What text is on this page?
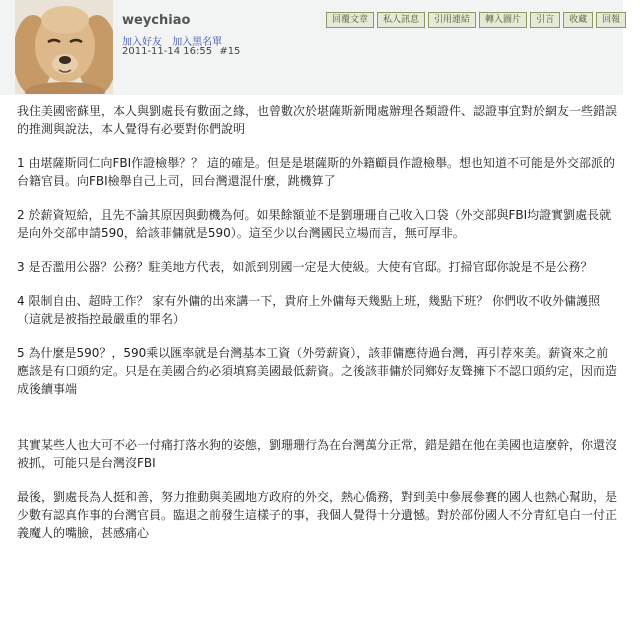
weychiao
加入好友 加入黑名單
2011-11-14 16:55 #15
回覆文章	私人訊息	引用連結	轉入圖片	引言	收藏	回報

我住美國密蘇里，本人與劉處長有數面之緣，也曾數次於堪薩斯新聞處辦理各類證件、認證事宜對於網友一些錯誤的推測與說法，本人覺得有必要對你們說明

1 由堪薩斯同仁向FBI作證檢舉？？ 這的確是。但是是堪薩斯的外籍顧員作證檢舉。想也知道不可能是外交部派的台籍官員。向FBI檢舉自己上司，回台灣還混什麼，跳機算了

2 於薪資短給，且先不論其原因與動機為何。如果餘額並不是劉珊珊自己收入口袋（外交部與FBI均證實劉處長就是向外交部申請590，給該菲傭就是590）。這至少以台灣國民立場而言，無可厚非。

3 是否濫用公器？公務？駐美地方代表，如派到別國一定是大使級。大使有官邸。打掃官邸你說是不是公務？

4 限制自由、超時工作？ 家有外傭的出來講一下，貴府上外傭每天幾點上班，幾點下班？ 你們收不收外傭護照（這就是被指控最嚴重的罪名）

5 為什麼是590？，590乘以匯率就是台灣基本工資（外勞薪資），該菲傭應待過台灣，再引荐來美。薪資來之前應該是有口頭約定。只是在美國合約必須填寫美國最低薪資。之後該菲傭於同鄉好友聳擁下不認口頭約定，因而造成後續事端

其實某些人也大可不必一付痛打落水狗的姿態，劉珊珊行為在台灣萬分正常，錯是錯在他在美國也這麼幹，你還沒被抓，可能只是台灣沒FBI

最後，劉處長為人挺和善，努力推動與美國地方政府的外交，熱心僑務，對到美中參展參賽的國人也熱心幫助，是少數有認真作事的台灣官員。臨退之前發生這樣子的事，我個人覺得十分遺憾。對於部份國人不分青紅皂白一付正義魔人的嘴臉，甚感痛心
